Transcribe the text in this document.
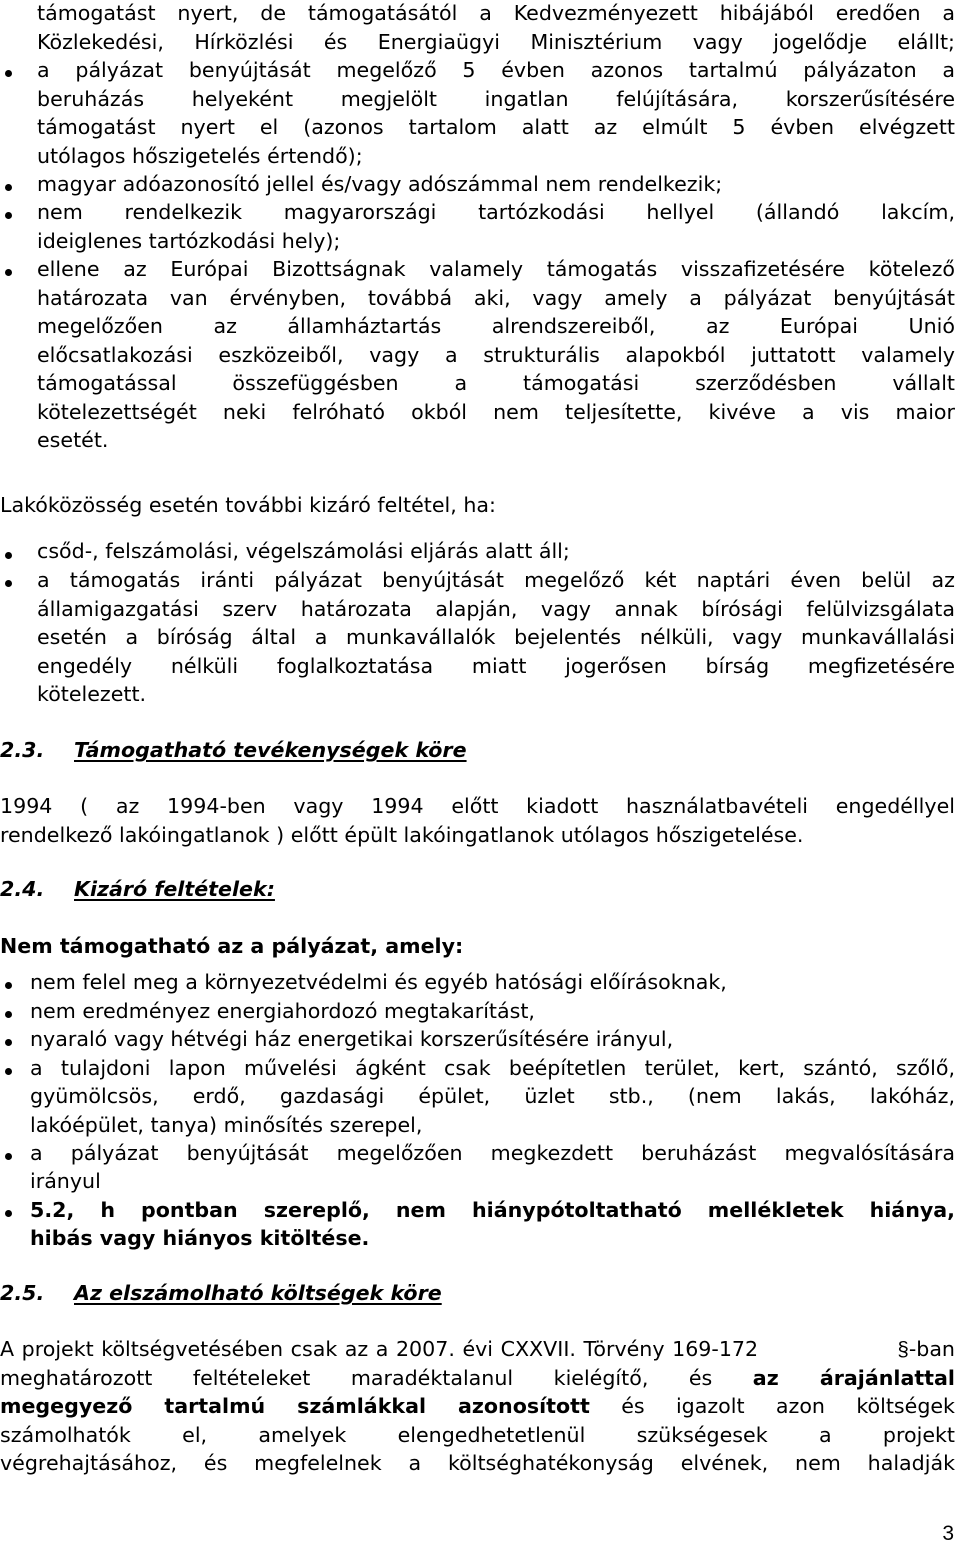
támogatást nyert, de támogatásától a Kedvezményezett hibájából eredően a
Közlekedési, Hírközlési és Energiaügyi Minisztérium vagy jogelődje elállt;
a pályázat benyújtását megelőző 5 évben azonos tartalmú pályázaton a
beruházás helyeként megjelölt ingatlan felújítására, korszerűsítésére
támogatást nyert el (azonos tartalom alatt az elmúlt 5 évben elvégzett
utólagos hőszigetelés értendő);
magyar adóazonosító jellel és/vagy adószámmal nem rendelkezik;
nem rendelkezik magyarországi tartózkodási hellyel (állandó lakcím,
ideiglenes tartózkodási hely);
ellene az Európai Bizottságnak valamely támogatás visszafizetésére kötelező
határozata van érvényben, továbbá aki, vagy amely a pályázat benyújtását
megelőzően az államháztartás alrendszereiből, az Európai Unió
előcsatlakozási eszközeiből, vagy a strukturális alapokból juttatott valamely
támogatással összefüggésben a támogatási szerződésben vállalt
kötelezettségét neki felróható okból nem teljesítette, kivéve a vis maior
esetét.
Lakóközösség esetén további kizáró feltétel, ha:
csőd-, felszámolási, végelszámolási eljárás alatt áll;
a támogatás iránti pályázat benyújtását megelőző két naptári éven belül az
államigazgatási szerv határozata alapján, vagy annak bírósági felülvizsgálata
esetén a bíróság által a munkavállalók bejelentés nélküli, vagy munkavállalási
engedély nélküli foglalkoztatása miatt jogerősen bírság megfizetésére
kötelezett.
2.3. Támogatható tevékenységek köre
1994 ( az 1994-ben vagy 1994 előtt kiadott használatbavételi engedéllyel
rendelkező lakóingatlanok ) előtt épült lakóingatlanok utólagos hőszigetelése.
2.4. Kizáró feltételek:
Nem támogatható az a pályázat, amely:
nem felel meg a környezetvédelmi és egyéb hatósági előírásoknak,
nem eredményez energiahordozó megtakarítást,
nyaraló vagy hétvégi ház energetikai korszerűsítésére irányul,
a tulajdoni lapon művelési ágként csak beépítetlen terület, kert, szántó, szőlő,
gyümölcsös, erdő, gazdasági épület, üzlet stb., (nem lakás, lakóház,
lakóépület, tanya) minősítés szerepel,
a pályázat benyújtását megelőzően megkezdett beruházást megvalósítására
irányul
5.2, h pontban szereplő, nem hiánypótoltatható mellékletek hiánya,
hibás vagy hiányos kitöltése.
2.5. Az elszámolható költségek köre
A projekt költségvetésében csak az a 2007. évi CXXVII. Törvény 169-172	§-ban
meghatározott feltételeket maradéktalanul kielégítő, és az árajánlattal
megegyező tartalmú számlákkal azonosított és igazolt azon költségek
számolhatók el, amelyek elengedhetetlenül szükségesek a projekt
végrehajtásához, és megfelelnek a költséghatékonyság elvének, nem haladják
3
